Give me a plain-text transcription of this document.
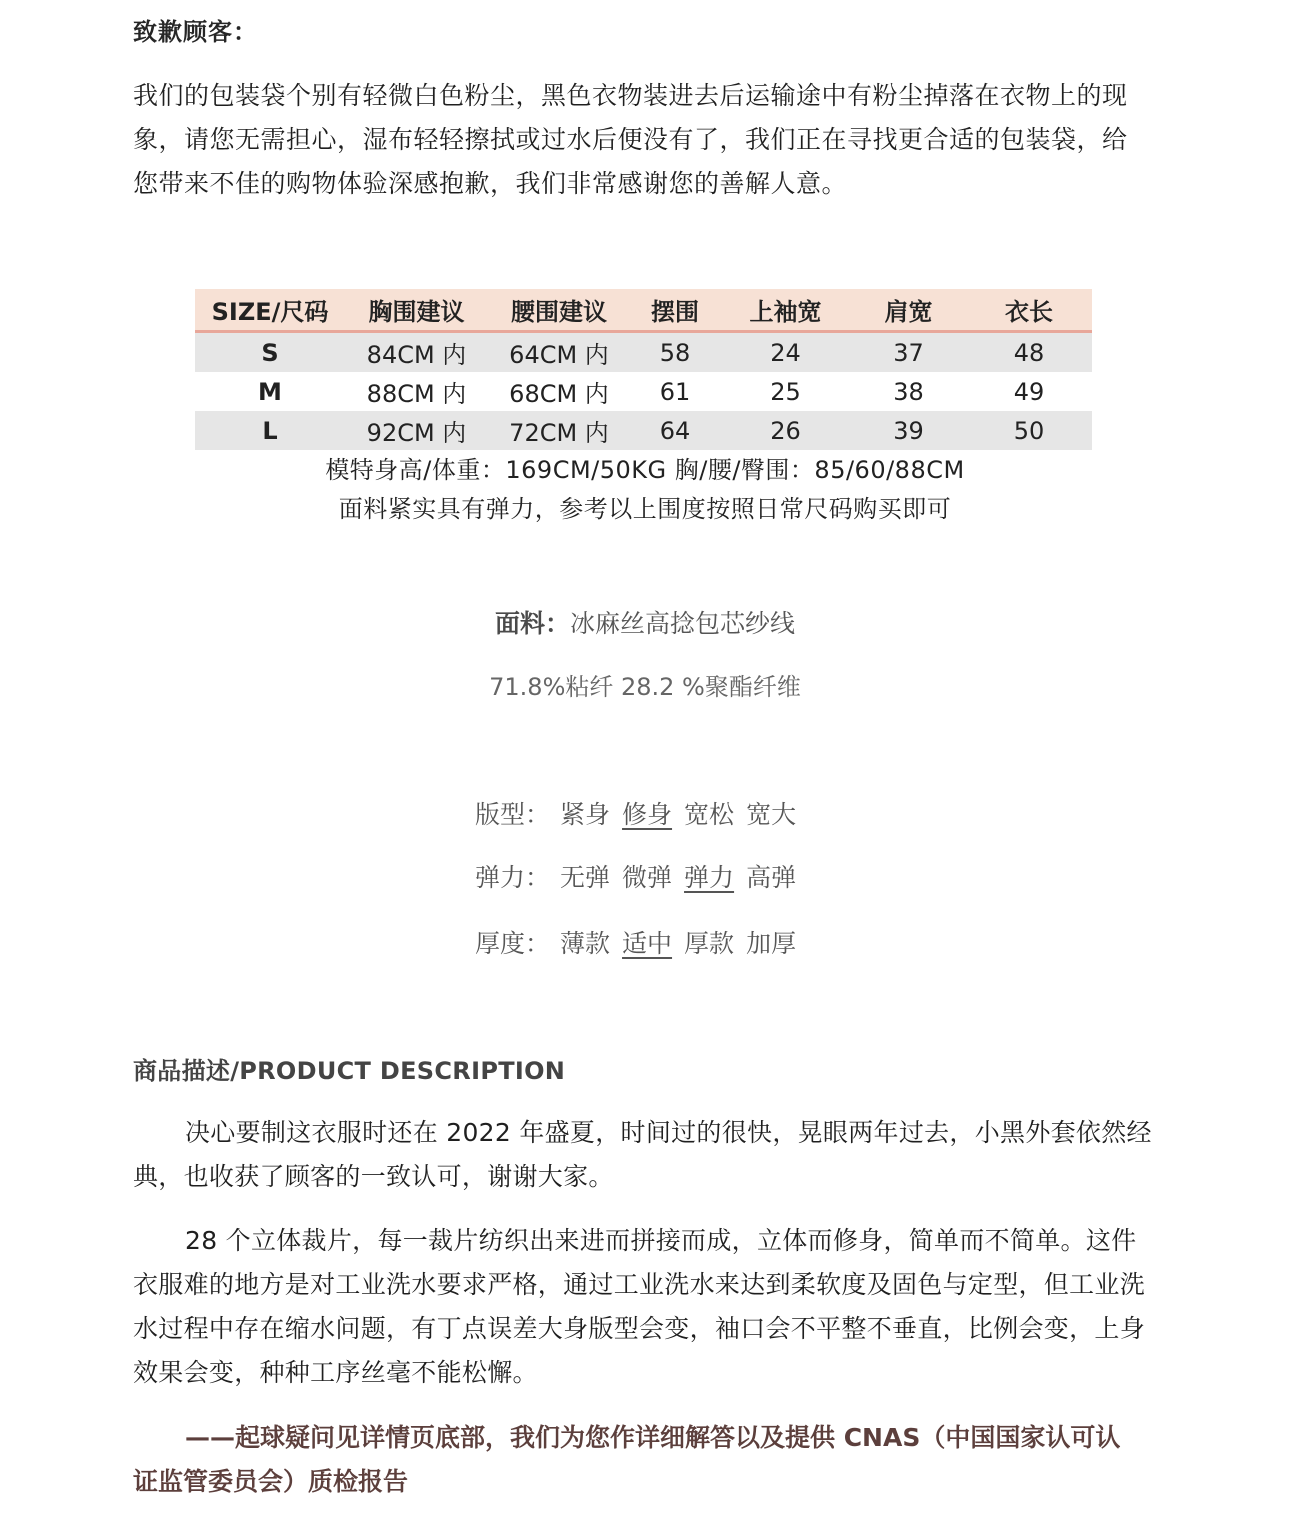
致歉顾客：
我们的包装袋个别有轻微白色粉尘，黑色衣物装进去后运输途中有粉尘掉落在衣物上的现象，请您无需担心，湿布轻轻擦拭或过水后便没有了，我们正在寻找更合适的包装袋，给您带来不佳的购物体验深感抱歉，我们非常感谢您的善解人意。
SIZE/尺码	胸围建议	腰围建议	摆围	上袖宽	肩宽	衣长
S	84CM 内	64CM 内	58	24	37	48
M	88CM 内	68CM 内	61	25	38	49
L	92CM 内	72CM 内	64	26	39	50
模特身高/体重：169CM/50KG 胸/腰/臀围：85/60/88CM
面料紧实具有弹力，参考以上围度按照日常尺码购买即可
面料：冰麻丝高捻包芯纱线
71.8%粘纤 28.2 %聚酯纤维
版型： 紧身 修身 宽松 宽大
弹力： 无弹 微弹 弹力 高弹
厚度： 薄款 适中 厚款 加厚
商品描述/PRODUCT DESCRIPTION
决心要制这衣服时还在 2022 年盛夏，时间过的很快，晃眼两年过去，小黑外套依然经典，也收获了顾客的一致认可，谢谢大家。
28 个立体裁片，每一裁片纺织出来进而拼接而成，立体而修身，简单而不简单。这件衣服难的地方是对工业洗水要求严格，通过工业洗水来达到柔软度及固色与定型，但工业洗水过程中存在缩水问题，有丁点误差大身版型会变，袖口会不平整不垂直，比例会变，上身效果会变，种种工序丝毫不能松懈。
——起球疑问见详情页底部，我们为您作详细解答以及提供 CNAS（中国国家认可认证监管委员会）质检报告
